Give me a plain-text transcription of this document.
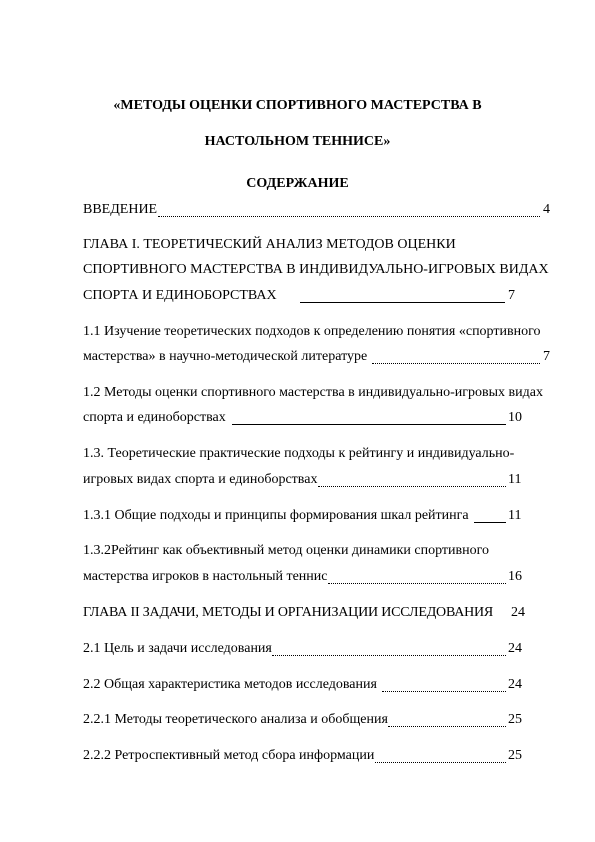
«МЕТОДЫ ОЦЕНКИ СПОРТИВНОГО МАСТЕРСТВА В
НАСТОЛЬНОМ ТЕННИСЕ»
СОДЕРЖАНИЕ
ВВЕДЕНИЕ	4
ГЛАВА I. ТЕОРЕТИЧЕСКИЙ АНАЛИЗ МЕТОДОВ ОЦЕНКИ
СПОРТИВНОГО МАСТЕРСТВА В ИНДИВИДУАЛЬНО-ИГРОВЫХ ВИДАХ
СПОРТА И ЕДИНОБОРСТВАХ	7
1.1 Изучение теоретических подходов к определению понятия «спортивного
мастерства» в научно-методической литературе	7
1.2 Методы оценки спортивного мастерства в индивидуально-игровых видах
спорта и единоборствах	10
1.3. Теоретические практические подходы к рейтингу и индивидуально-
игровых видах спорта и единоборствах	11
1.3.1 Общие подходы и принципы формирования шкал рейтинга	11
1.3.2Рейтинг как объективный метод оценки динамики спортивного
мастерства игроков в настольный теннис	16
ГЛАВА II ЗАДАЧИ, МЕТОДЫ И ОРГАНИЗАЦИИ ИССЛЕДОВАНИЯ 24
2.1 Цель и задачи исследования	24
2.2 Общая характеристика методов исследования	24
2.2.1 Методы теоретического анализа и обобщения	25
2.2.2 Ретроспективный метод сбора информации	25
